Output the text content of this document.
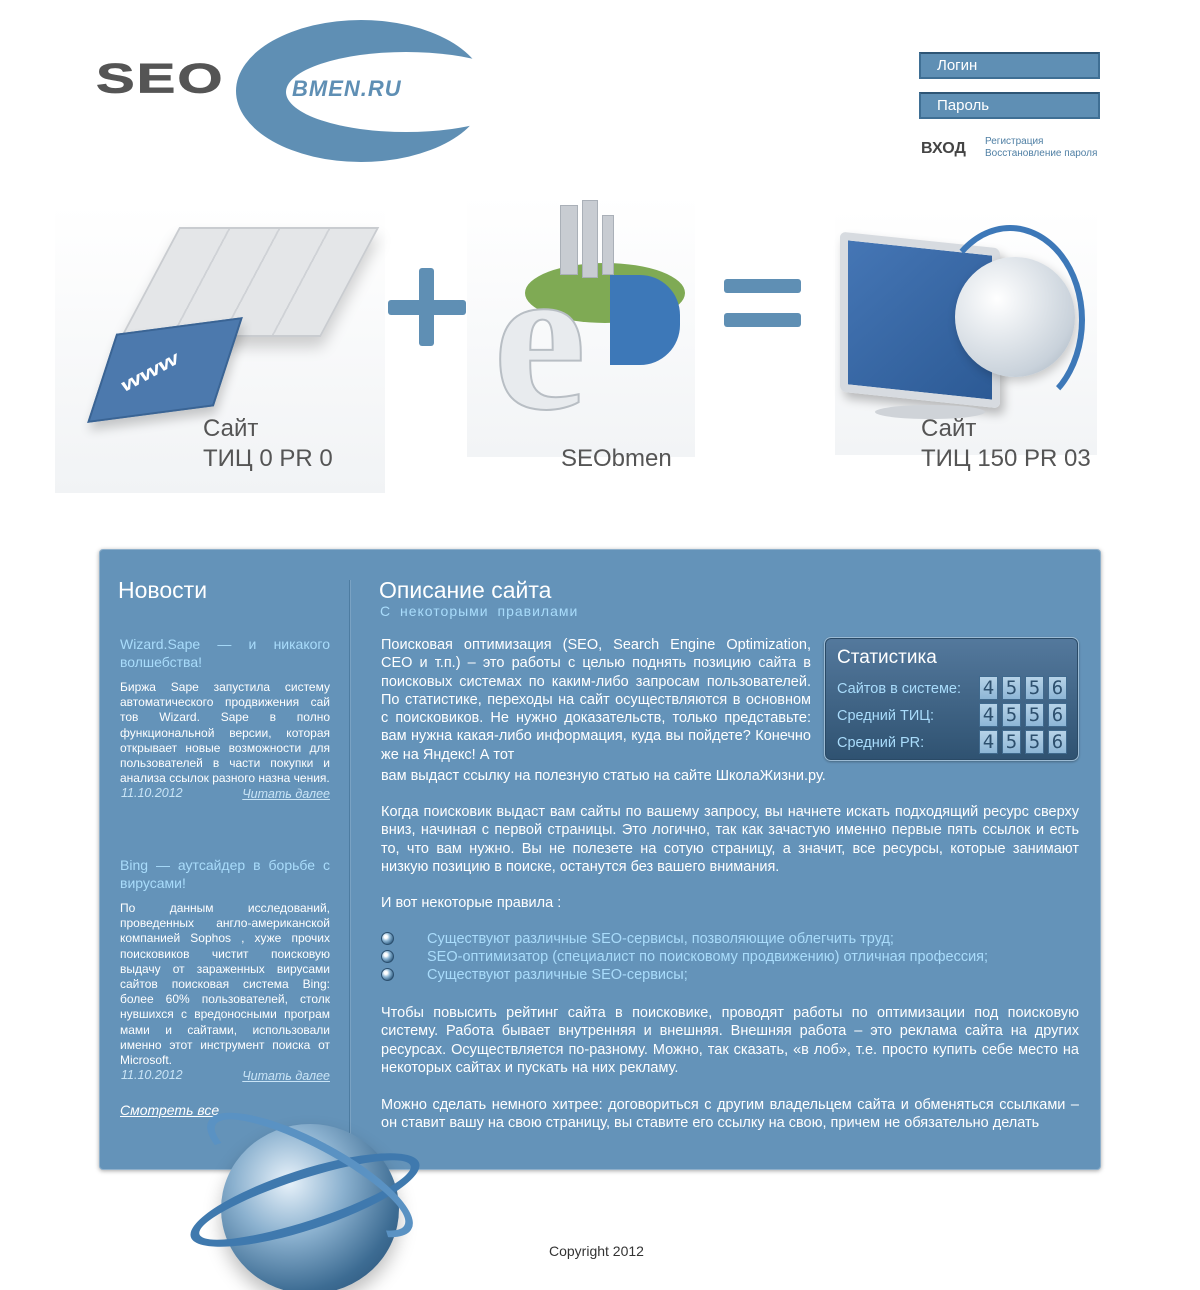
SEO	BMEN.RU
Логин
Пароль
ВХОД Регистрация
Восстановление пароля
www e
Сайт
ТИЦ 0 PR 0	SEObmen
Сайт
ТИЦ 150 PR 03
Новости
Wizard.Sape — и никакого волшебства!
Биржа Sape запустила систему автоматического продвижения сай тов Wizard. Sape в полно функциональной версии, которая открывает новые возможности для пользователей в части покупки и анализа ссылок разного назна чения.
11.10.2012	Читать далее
Bing — аутсайдер в борьбе с вирусами!
По данным исследований, проведенных англо-американской компанией Sophos , хуже прочих поисковиков чистит поисковую выдачу от зараженных вирусами сайтов поисковая система Bing: более 60% пользователей, столк нувшихся с вредоносными програм мами и сайтами, использовали именно этот инструмент поиска от Microsoft.
11.10.2012	Читать далее
Смотреть все
Описание сайта
С некоторыми правилами
Поисковая оптимизация (SEO, Search Engine Optimization, СЕО и т.п.) – это работы с целью поднять позицию сайта в поисковых системах по каким-либо запросам пользователей. По статистике, переходы на сайт осуществляются в основном с поисковиков. Не нужно доказательств, только представьте: вам нужна какая-либо информация, куда вы пойдете? Конечно же на Яндекс! А тот
вам выдаст ссылку на полезную статью на сайте ШколаЖизни.ру.
Когда поисковик выдаст вам сайты по вашему запросу, вы начнете искать подходящий ресурс сверху вниз, начиная с первой страницы. Это логично, так как зачастую именно первые пять ссылок и есть то, что вам нужно. Вы не полезете на сотую страницу, а значит, все ресурсы, которые занимают низкую позицию в поиске, останутся без вашего внимания.
И вот некоторые правила :
Существуют различные SEO-сервисы, позволяющие облегчить труд;
SEO-оптимизатор (специалист по поисковому продвижению) отличная профессия;
Существуют различные SEO-сервисы;
Чтобы повысить рейтинг сайта в поисковике, проводят работы по оптимизации под поисковую систему. Работа бывает внутренняя и внешняя. Внешняя работа – это реклама сайта на других ресурсах. Осуществляется по-разному. Можно, так сказать, «в лоб», т.е. просто купить себе место на некоторых сайтах и пускать на них рекламу.
Можно сделать немного хитрее: договориться с другим владельцем сайта и обменяться ссылками – он ставит вашу на свою страницу, вы ставите его ссылку на свою, причем не обязательно делать
Статистика
Сайтов в системе: 4 5 5 6
Средний ТИЦ:	4 5 5 6
Средний PR:	4 5 5 6
Copyright 2012
